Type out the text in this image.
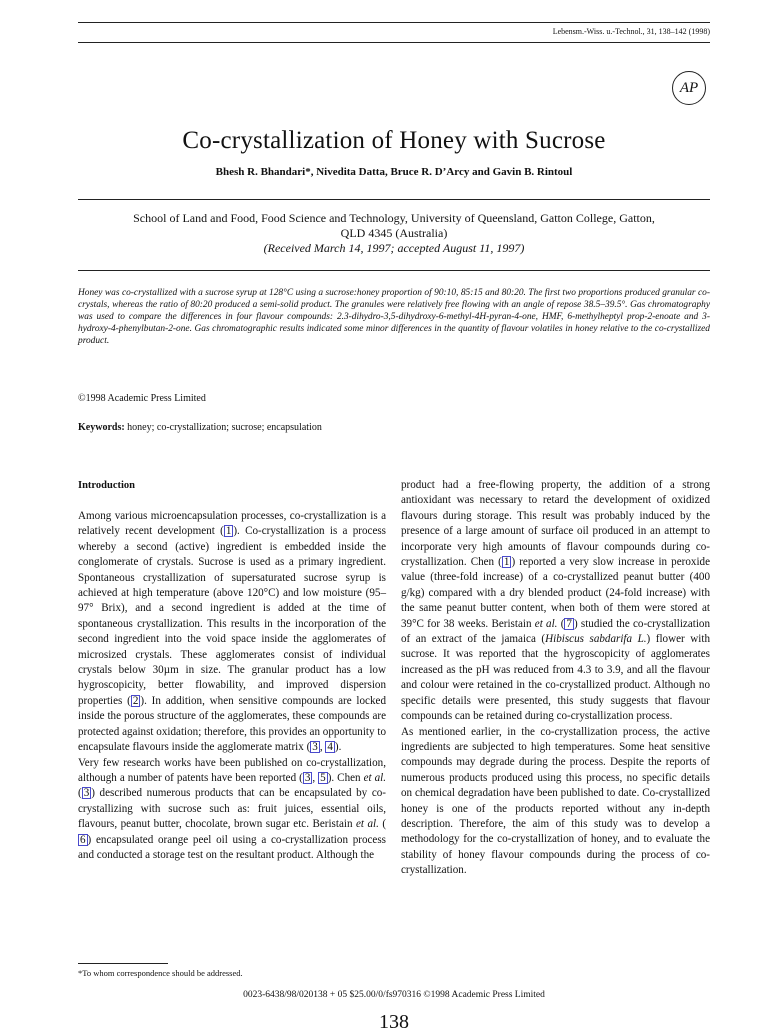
Lebensm.-Wiss. u.-Technol., 31, 138–142 (1998)
AP
Co-crystallization of Honey with Sucrose
Bhesh R. Bhandari*, Nivedita Datta, Bruce R. D’Arcy and Gavin B. Rintoul
School of Land and Food, Food Science and Technology, University of Queensland, Gatton College, Gatton,
QLD 4345 (Australia)
(Received March 14, 1997; accepted August 11, 1997)
Honey was co-crystallized with a sucrose syrup at 128°C using a sucrose:honey proportion of 90:10, 85:15 and 80:20. The first two proportions produced granular co-crystals, whereas the ratio of 80:20 produced a semi-solid product. The granules were relatively free flowing with an angle of repose 38.5–39.5°. Gas chromatography was used to compare the differences in four flavour compounds: 2.3-dihydro-3,5-dihydroxy-6-methyl-4H-pyran-4-one, HMF, 6-methylheptyl prop-2-enoate and 3-hydroxy-4-phenylbutan-2-one. Gas chromatographic results indicated some minor differences in the quantity of flavour volatiles in honey relative to the co-crystallized product.
©1998 Academic Press Limited
Keywords: honey; co-crystallization; sucrose; encapsulation
Introduction

Among various microencapsulation processes, co-crystallization is a relatively recent development ( 1 ). Co-crystallization is a process whereby a second (active) ingredient is embedded inside the conglomerate of crystals. Sucrose is used as a primary ingredient. Spontaneous crystallization of supersaturated sucrose syrup is achieved at high temperature (above 120°C) and low moisture (95–97° Brix), and a second ingredient is added at the time of spontaneous crystallization. This results in the incorporation of the second ingredient into the void space inside the agglomerates of microsized crystals. These agglomerates consist of individual crystals below 30µm in size. The granular product has a low hygroscopicity, better flowability, and improved dispersion properties ( 2 ). In addition, when sensitive compounds are locked inside the porous structure of the agglomerates, these compounds are protected against oxidation; therefore, this provides an opportunity to encapsulate flavours inside the agglomerate matrix ( 3 , 4 ).

Very few research works have been published on co-crystallization, although a number of patents have been reported ( 3 , 5 ). Chen et al. ( 3 ) described numerous products that can be encapsulated by co-crystallizing with sucrose such as: fruit juices, essential oils, flavours, peanut butter, chocolate, brown sugar etc. Beristain et al. (6 ) encapsulated orange peel oil using a co-crystallization process and conducted a storage test on the resultant product. Although the

product had a free-flowing property, the addition of a strong antioxidant was necessary to retard the development of oxidized flavours during storage. This result was probably induced by the presence of a large amount of surface oil produced in an attempt to incorporate very high amounts of flavour compounds during co-crystallization. Chen ( 1 ) reported a very slow increase in peroxide value (three-fold increase) of a co-crystallized peanut butter (400 g/kg) compared with a dry blended product (24-fold increase) with the same peanut butter content, when both of them were stored at 39°C for 38 weeks. Beristain et al. ( 7 ) studied the co-crystallization of an extract of the jamaica (Hibiscus sabdarifa L.) flower with sucrose. It was reported that the hygroscopicity of agglomerates increased as the pH was reduced from 4.3 to 3.9, and all the flavour and colour were retained in the co-crystallized product. Although no specific details were presented, this study suggests that flavour compounds can be retained during co-crystallization process.

As mentioned earlier, in the co-crystallization process, the active ingredients are subjected to high temperatures. Some heat sensitive compounds may degrade during the process. Despite the reports of numerous products produced using this process, no specific details on chemical degradation have been published to date. Co-crystallized honey is one of the products reported without any in-depth description. Therefore, the aim of this study was to develop a methodology for the co-crystallization of honey, and to evaluate the stability of honey flavour compounds during the process of co-crystallization.

*To whom correspondence should be addressed.
0023-6438/98/020138 + 05 $25.00/0/fs970316 ©1998 Academic Press Limited
138
